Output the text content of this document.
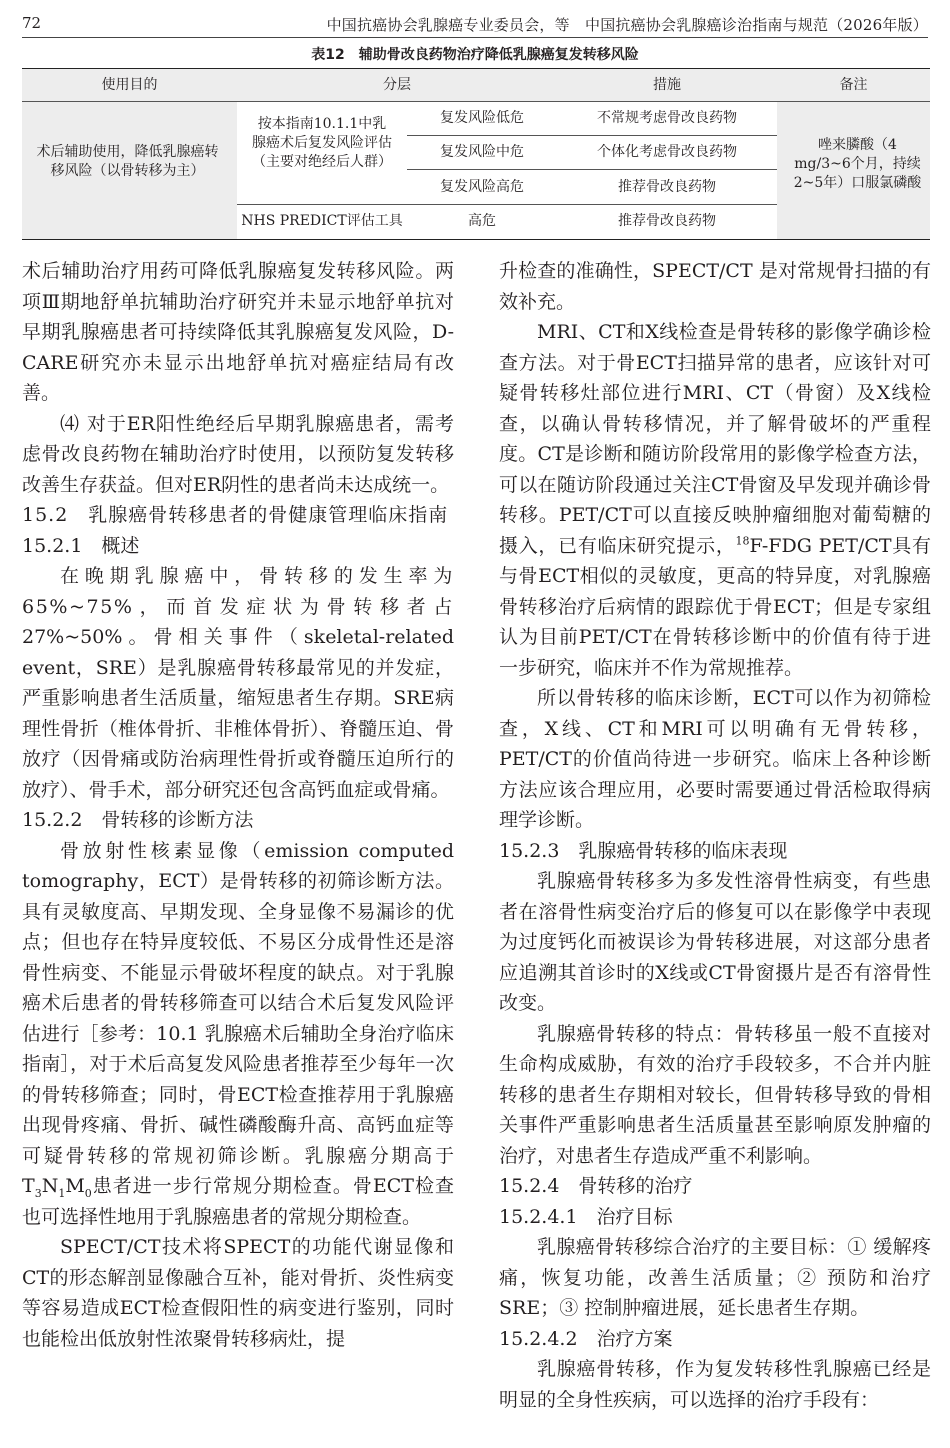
72	中国抗癌协会乳腺癌专业委员会，等　中国抗癌协会乳腺癌诊治指南与规范（2026年版）
表12　辅助骨改良药物治疗降低乳腺癌复发转移风险
使用目的	分层		措施	备注

术后辅助使用，降低乳腺癌转移风险（以骨转移为主）	按本指南10.1.1中乳腺癌术后复发风险评估（主要对绝经后人群）	复发风险低危	不常规考虑骨改良药物	唑来膦酸（4 mg/3~6个月，持续2~5年）口服氯磷酸

		复发风险中危	个体化考虑骨改良药物	
		复发风险高危	推荐骨改良药物	
	NHS PREDICT评估工具	高危	推荐骨改良药物	

术后辅助治疗用药可降低乳腺癌复发转移风险。两项Ⅲ期地舒单抗辅助治疗研究并未显示地舒单抗对早期乳腺癌患者可持续降低其乳腺癌复发风险，D-CARE研究亦未显示出地舒单抗对癌症结局有改善。

⑷ 对于ER阳性绝经后早期乳腺癌患者，需考虑骨改良药物在辅助治疗时使用，以预防复发转移改善生存获益。但对ER阴性的患者尚未达成统一。

15.2　乳腺癌骨转移患者的骨健康管理临床指南

15.2.1　概述

在晚期乳腺癌中，骨转移的发生率为65%~75%，而首发症状为骨转移者占27%~50%。骨相关事件（skeletal-related event，SRE）是乳腺癌骨转移最常见的并发症，严重影响患者生活质量，缩短患者生存期。SRE病理性骨折（椎体骨折、非椎体骨折）、脊髓压迫、骨放疗（因骨痛或防治病理性骨折或脊髓压迫所行的放疗）、骨手术，部分研究还包含高钙血症或骨痛。

15.2.2　骨转移的诊断方法

骨放射性核素显像（emission computed tomography，ECT）是骨转移的初筛诊断方法。具有灵敏度高、早期发现、全身显像不易漏诊的优点；但也存在特异度较低、不易区分成骨性还是溶骨性病变、不能显示骨破坏程度的缺点。对于乳腺癌术后患者的骨转移筛查可以结合术后复发风险评估进行［参考：10.1 乳腺癌术后辅助全身治疗临床指南］，对于术后高复发风险患者推荐至少每年一次的骨转移筛查；同时，骨ECT检查推荐用于乳腺癌出现骨疼痛、骨折、碱性磷酸酶升高、高钙血症等可疑骨转移的常规初筛诊断。乳腺癌分期高于$T_3N_1M_0$患者进一步行常规分期检查。骨ECT检查也可选择性地用于乳腺癌患者的常规分期检查。

SPECT/CT技术将SPECT的功能代谢显像和CT的形态解剖显像融合互补，能对骨折、炎性病变等容易造成ECT检查假阳性的病变进行鉴别，同时也能检出低放射性浓聚骨转移病灶，提

升检查的准确性，SPECT/CT 是对常规骨扫描的有效补充。

MRI、CT和X线检查是骨转移的影像学确诊检查方法。对于骨ECT扫描异常的患者，应该针对可疑骨转移灶部位进行MRI、CT（骨窗）及X线检查，以确认骨转移情况，并了解骨破坏的严重程度。CT是诊断和随访阶段常用的影像学检查方法，可以在随访阶段通过关注CT骨窗及早发现并确诊骨转移。PET/CT可以直接反映肿瘤细胞对葡萄糖的摄入，已有临床研究提示，$^{18}$F-FDG PET/CT具有与骨ECT相似的灵敏度，更高的特异度，对乳腺癌骨转移治疗后病情的跟踪优于骨ECT；但是专家组认为目前PET/CT在骨转移诊断中的价值有待于进一步研究，临床并不作为常规推荐。

所以骨转移的临床诊断，ECT可以作为初筛检查，X线、CT和MRI可以明确有无骨转移，PET/CT的价值尚待进一步研究。临床上各种诊断方法应该合理应用，必要时需要通过骨活检取得病理学诊断。

15.2.3　乳腺癌骨转移的临床表现

乳腺癌骨转移多为多发性溶骨性病变，有些患者在溶骨性病变治疗后的修复可以在影像学中表现为过度钙化而被误诊为骨转移进展，对这部分患者应追溯其首诊时的X线或CT骨窗摄片是否有溶骨性改变。

乳腺癌骨转移的特点：骨转移虽一般不直接对生命构成威胁，有效的治疗手段较多，不合并内脏转移的患者生存期相对较长，但骨转移导致的骨相关事件严重影响患者生活质量甚至影响原发肿瘤的治疗，对患者生存造成严重不利影响。

15.2.4　骨转移的治疗

15.2.4.1　治疗目标

乳腺癌骨转移综合治疗的主要目标：① 缓解疼痛，恢复功能，改善生活质量；② 预防和治疗SRE；③ 控制肿瘤进展，延长患者生存期。

15.2.4.2　治疗方案

乳腺癌骨转移，作为复发转移性乳腺癌已经是明显的全身性疾病，可以选择的治疗手段有：
